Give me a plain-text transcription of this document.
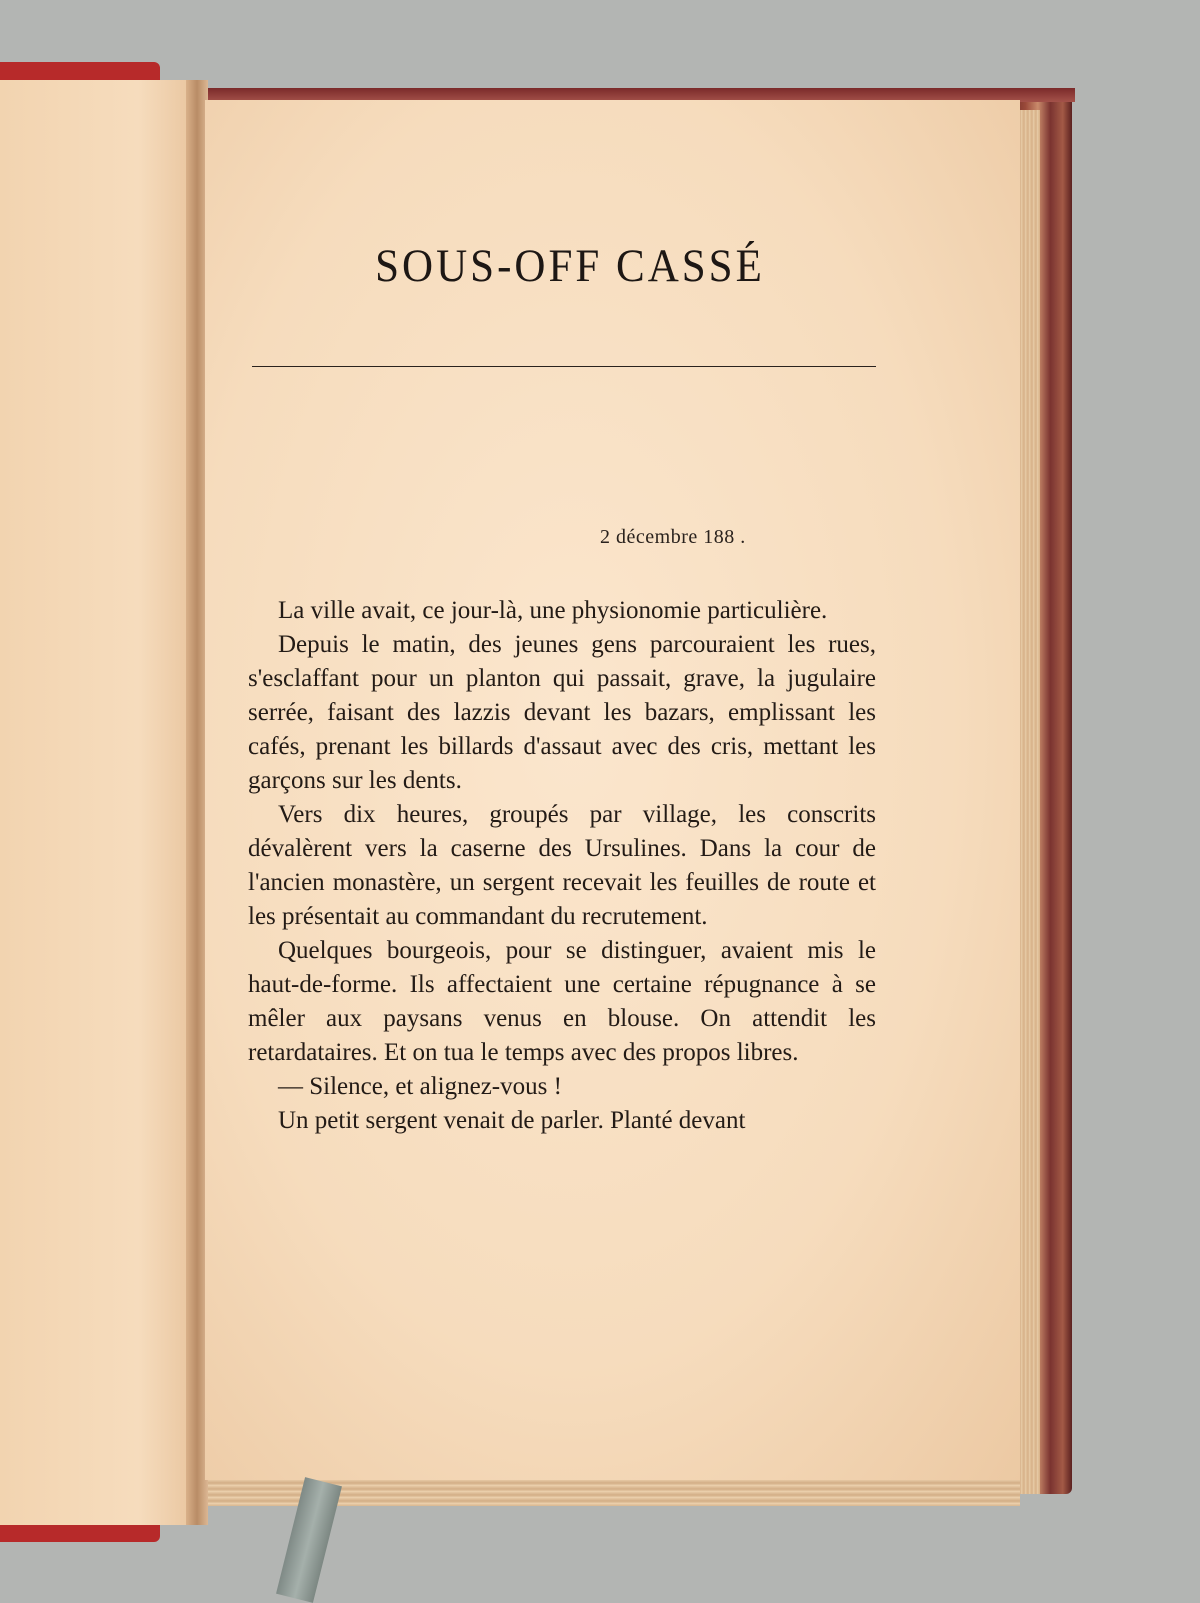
SOUS-OFF CASSÉ
2 décembre 188 .

La ville avait, ce jour-là, une physionomie particulière.

Depuis le matin, des jeunes gens parcouraient les rues, s'esclaffant pour un planton qui passait, grave, la jugulaire serrée, faisant des lazzis devant les bazars, emplissant les cafés, prenant les billards d'assaut avec des cris, mettant les garçons sur les dents.

Vers dix heures, groupés par village, les conscrits dévalèrent vers la caserne des Ursulines. Dans la cour de l'ancien monastère, un sergent recevait les feuilles de route et les présentait au commandant du recrutement.

Quelques bourgeois, pour se distinguer, avaient mis le haut-de-forme. Ils affectaient une certaine répugnance à se mêler aux paysans venus en blouse. On attendit les retardataires. Et on tua le temps avec des propos libres.

— Silence, et alignez-vous !

Un petit sergent venait de parler. Planté devant
